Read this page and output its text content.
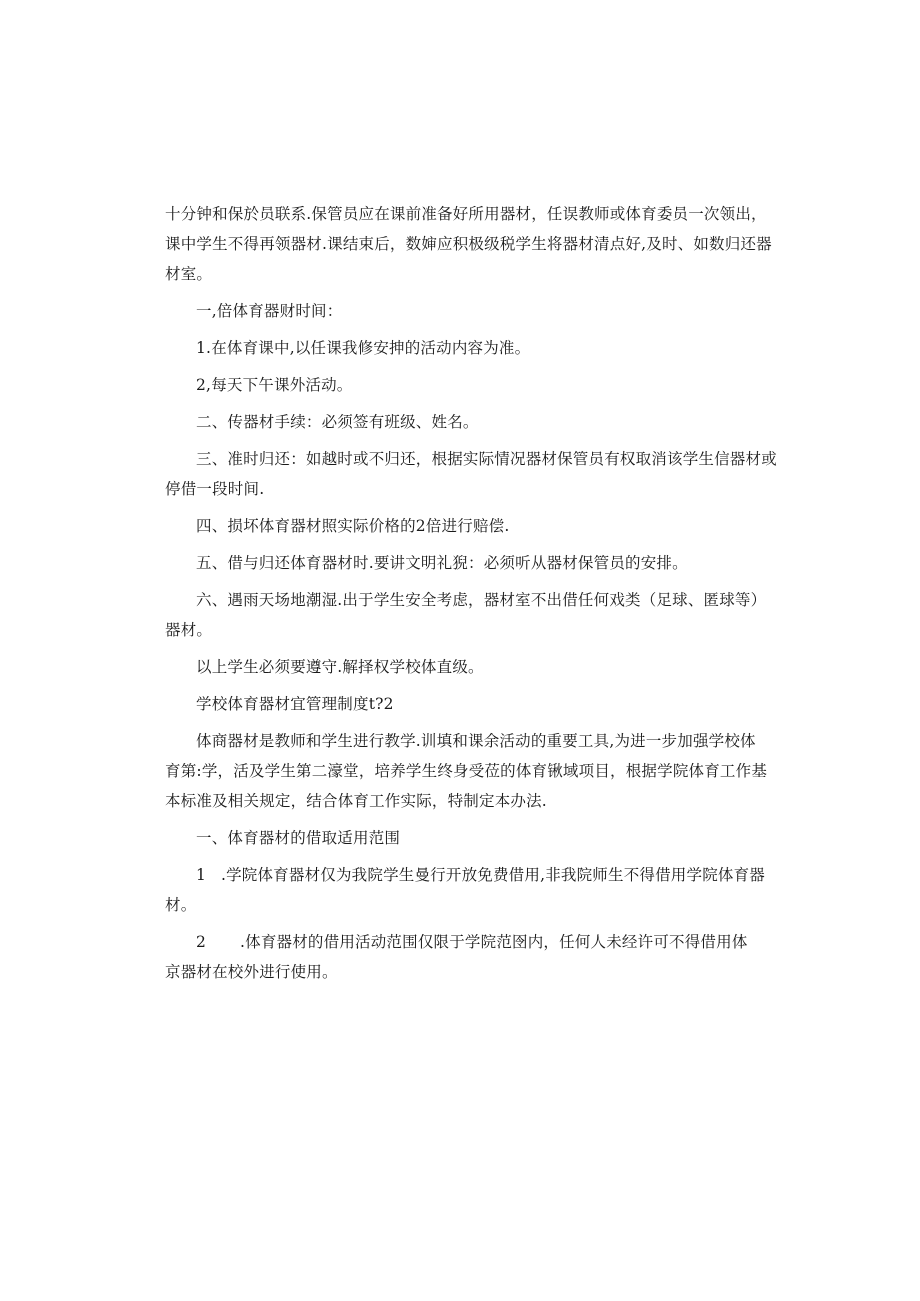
十分钟和保於员联系.保管员应在课前准备好所用器材，任误教师或体育委员一次领出，

课中学生不得再领器材.课结束后，数婶应积极级税学生将器材清点好,及时、如数归还器

材室。

一,倍体育器财时间：

1.在体育课中,以任课我修安抻的活动内容为准。

2,每天下午课外活动。

二、传器材手续：必须签有班级、姓名。

三、准时归还：如越时或不归还，根据实际情况器材保管员有权取消该学生信器材或

停借一段时间.

四、损坏体育器材照实际价格的2倍进行赔偿.

五、借与归还体育器材时.要讲文明礼猊：必须听从器材保管员的安排。

六、遇雨天场地潮湿.出于学生安全考虑，器材室不出借任何戏类（足球、匿球等）

器材。

以上学生必须要遵守.解择权学校体直级。

学校体育器材宜管理制度t?2

体商器材是教师和学生进行教学.训填和课余活动的重要工具,为进一步加强学校体

育第:学，活及学生第二濠堂，培养学生终身受莅的体育锹域项目，根据学院体育工作基

本标准及相关规定，结合体育工作实际，特制定本办法.

一、体育器材的借取适用范围

1 .学院体育器材仅为我院学生曼行开放免费借用,非我院师生不得借用学院体育器

材。

2	.体育器材的借用活动范围仅限于学院范囹内，任何人未经许可不得借用体

京器材在校外进行使用。
